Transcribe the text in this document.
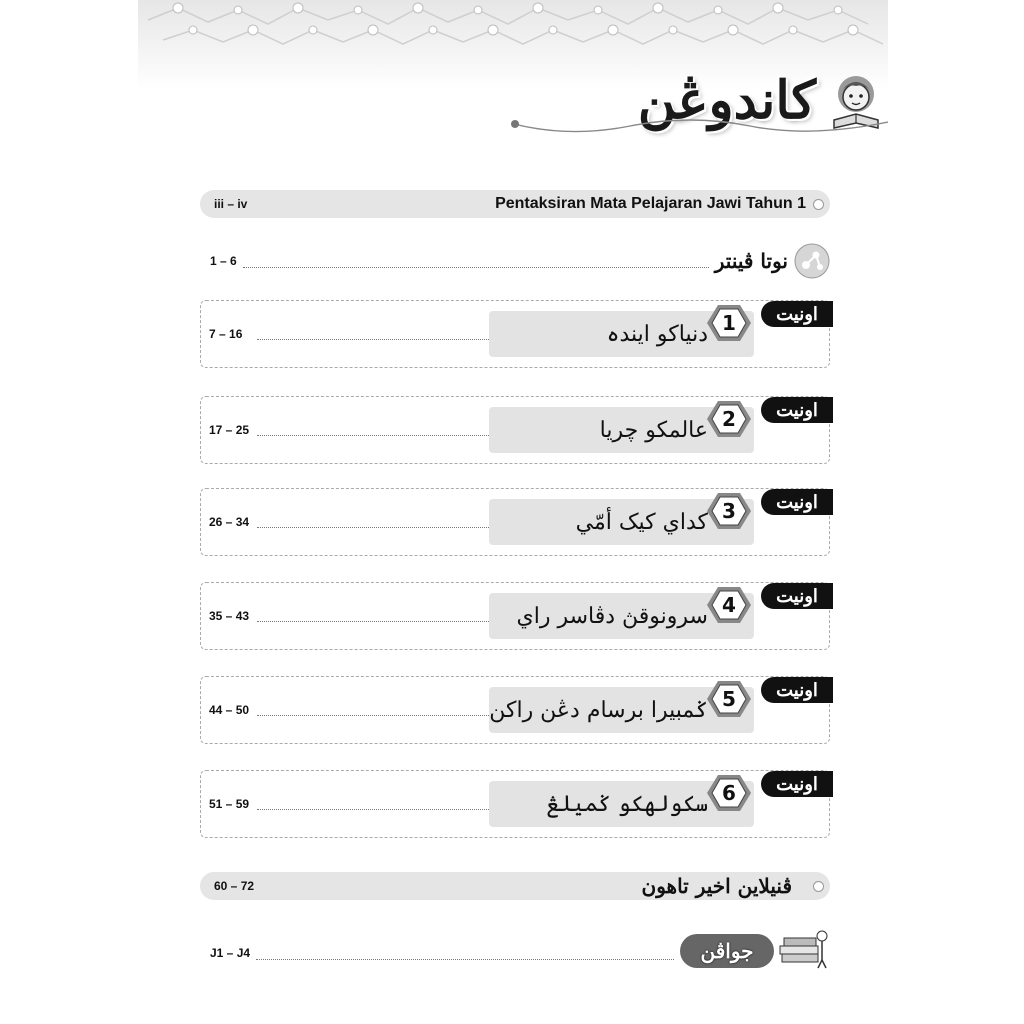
كاندوڠن
iii – iv	Pentaksiran Mata Pelajaran Jawi Tahun 1
1 – 6	نوتا ڤينتر
7 – 16	دنياکو ايندہ 1	اونيت
17 – 25	عالمکو چريا 2	اونيت
26 – 34	کداي کيک أمّي 3	اونيت
35 – 43	سرونوقڽ دڤاسر راي 4	اونيت
44 – 50	ݢمبيرا برسام دڠن راکن 5	اونيت
51 – 59	سکولهکو ݢميلڠ 6	اونيت
60 – 72	ڤنيلاين اخير تاهون
J1 – J4	جواڤن
